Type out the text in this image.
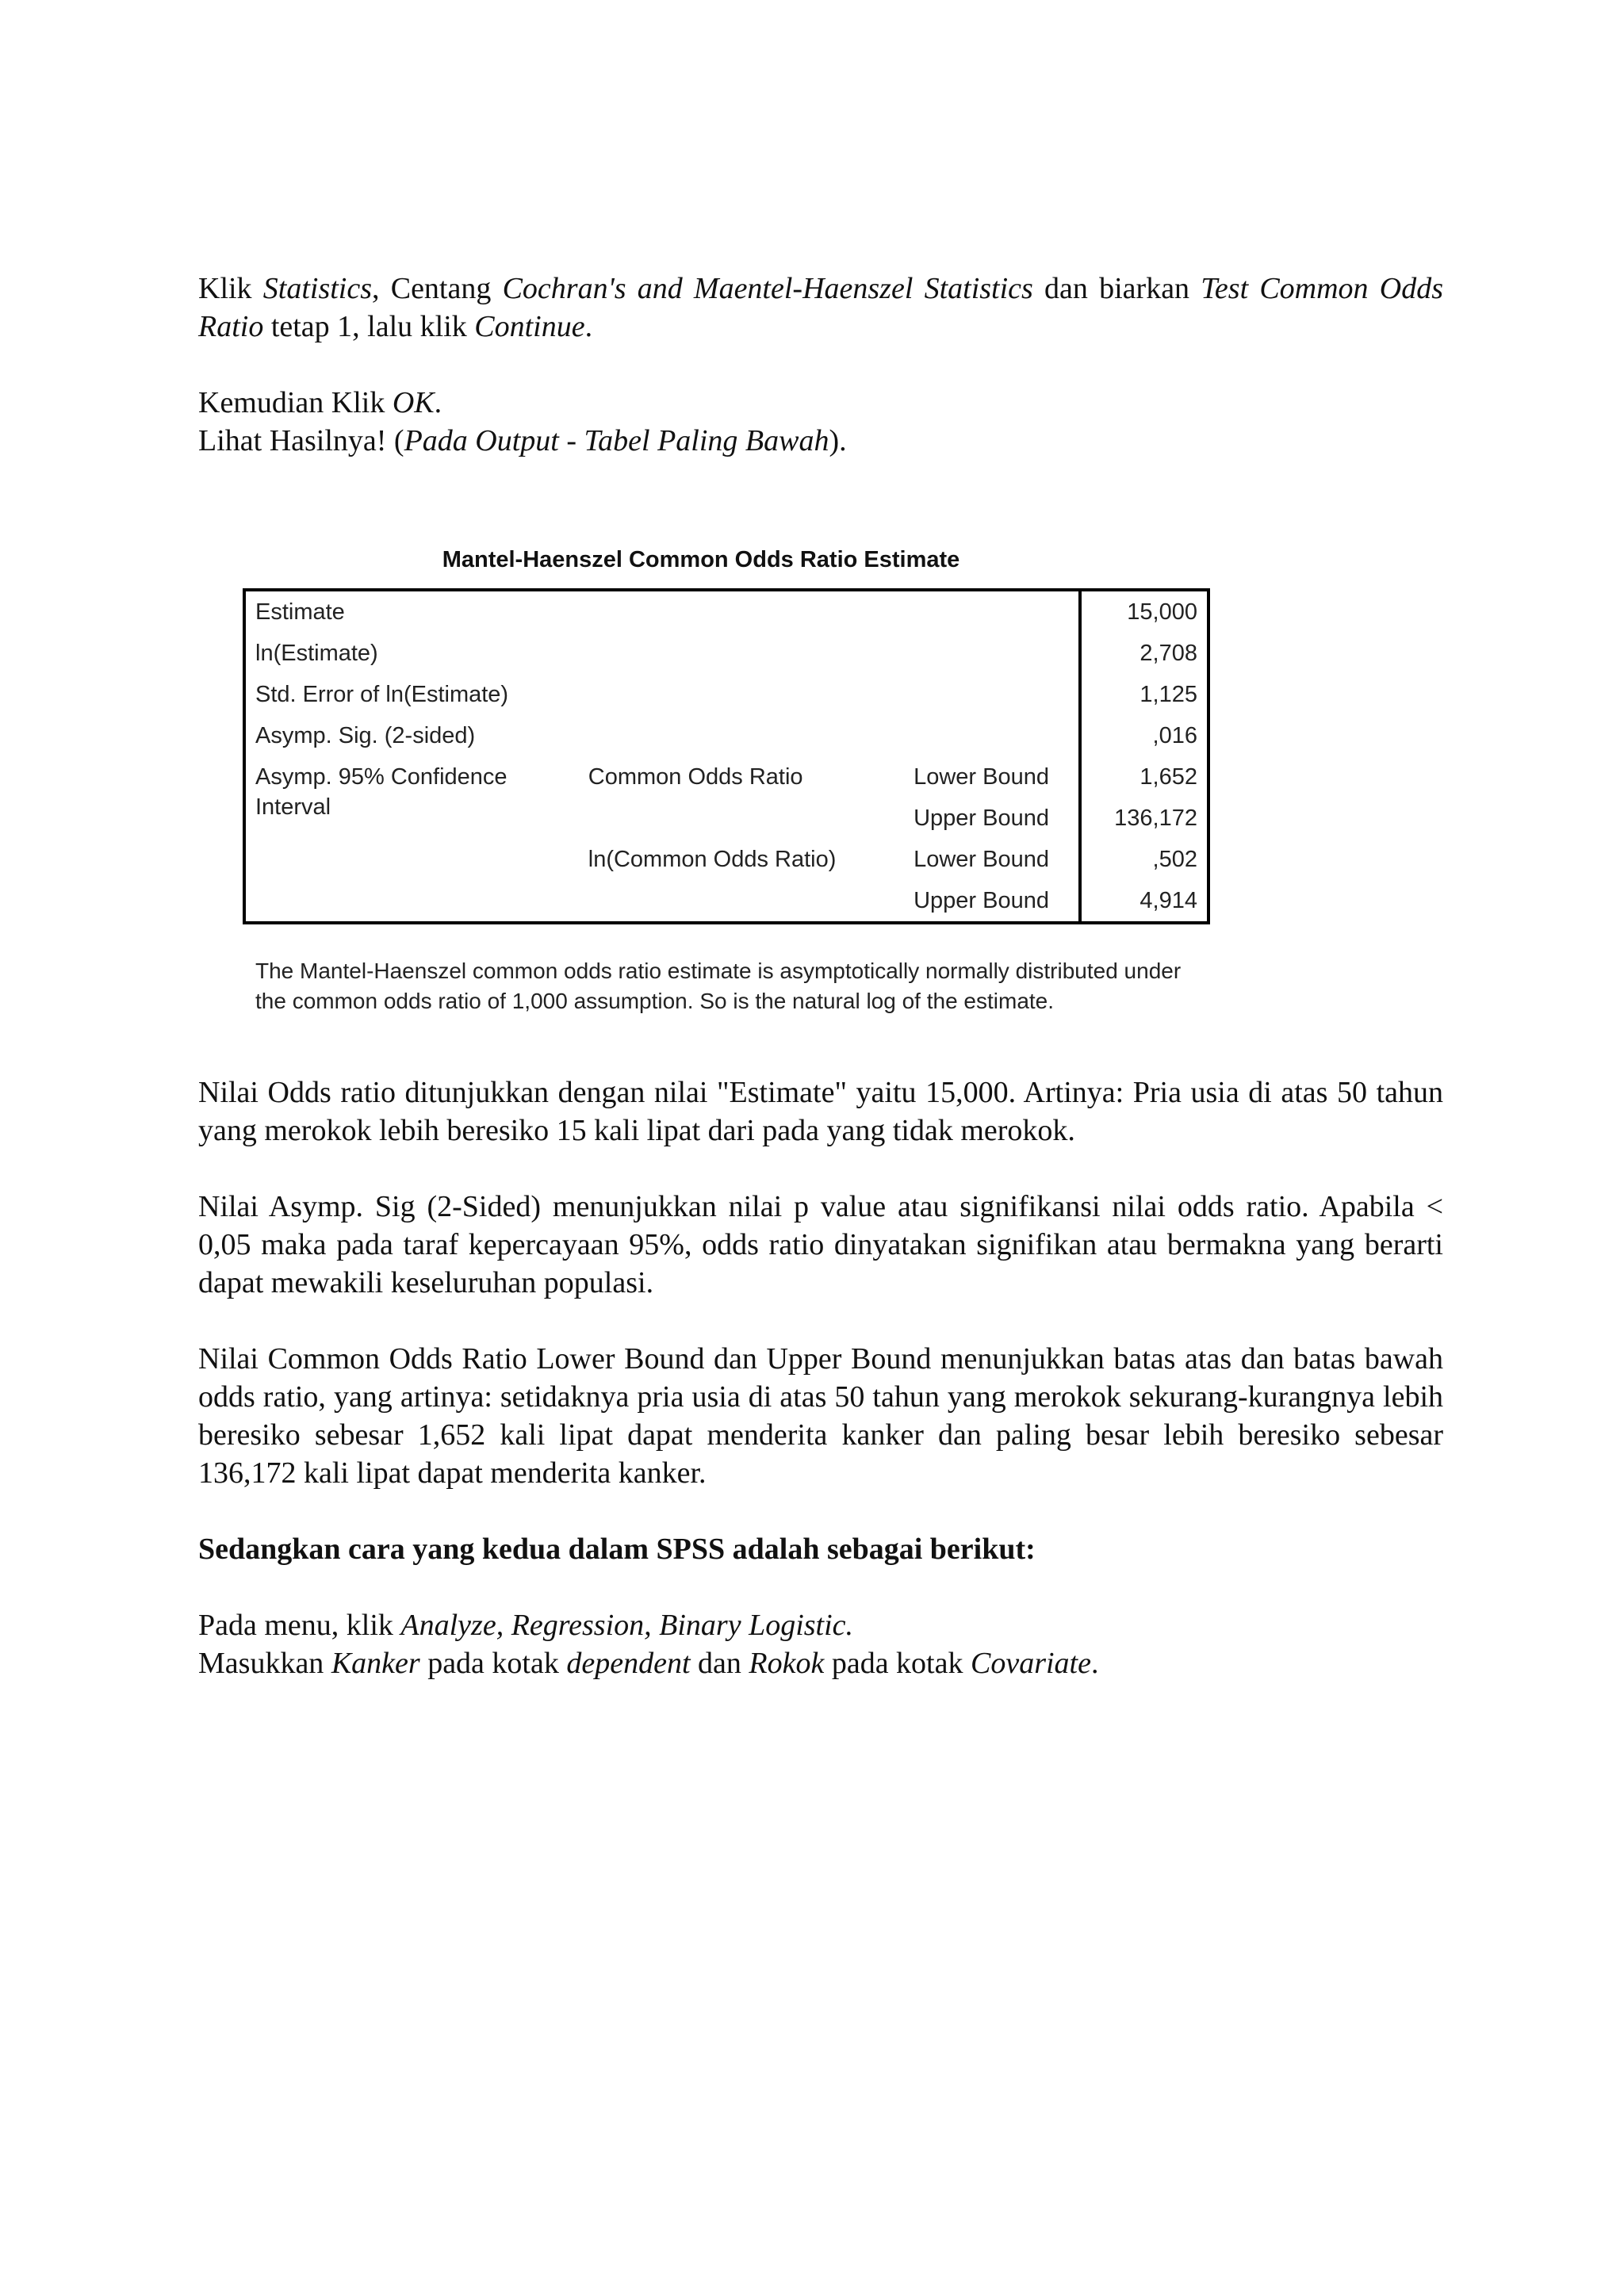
Klik Statistics, Centang Cochran's and Maentel-Haenszel Statistics dan biarkan Test Common Odds Ratio tetap 1, lalu klik Continue.

Kemudian Klik OK.

Lihat Hasilnya! (Pada Output - Tabel Paling Bawah).

Mantel-Haenszel Common Odds Ratio Estimate
Estimate			15,000
ln(Estimate)			2,708
Std. Error of ln(Estimate)			1,125
Asymp. Sig. (2-sided)			,016
Asymp. 95% Confidence Interval	Common Odds Ratio	Lower Bound	1,652
		Upper Bound	136,172
	ln(Common Odds Ratio)	Lower Bound	,502
		Upper Bound	4,914
The Mantel-Haenszel common odds ratio estimate is asymptotically normally distributed under the common odds ratio of 1,000 assumption. So is the natural log of the estimate.

Nilai Odds ratio ditunjukkan dengan nilai "Estimate" yaitu 15,000. Artinya: Pria usia di atas 50 tahun yang merokok lebih beresiko 15 kali lipat dari pada yang tidak merokok.

Nilai Asymp. Sig (2-Sided) menunjukkan nilai p value atau signifikansi nilai odds ratio. Apabila < 0,05 maka pada taraf kepercayaan 95%, odds ratio dinyatakan signifikan atau bermakna yang berarti dapat mewakili keseluruhan populasi.

Nilai Common Odds Ratio Lower Bound dan Upper Bound menunjukkan batas atas dan batas bawah odds ratio, yang artinya: setidaknya pria usia di atas 50 tahun yang merokok sekurang-kurangnya lebih beresiko sebesar 1,652 kali lipat dapat menderita kanker dan paling besar lebih beresiko sebesar 136,172 kali lipat dapat menderita kanker.

Sedangkan cara yang kedua dalam SPSS adalah sebagai berikut:

Pada menu, klik Analyze, Regression, Binary Logistic.

Masukkan Kanker pada kotak dependent dan Rokok pada kotak Covariate.
